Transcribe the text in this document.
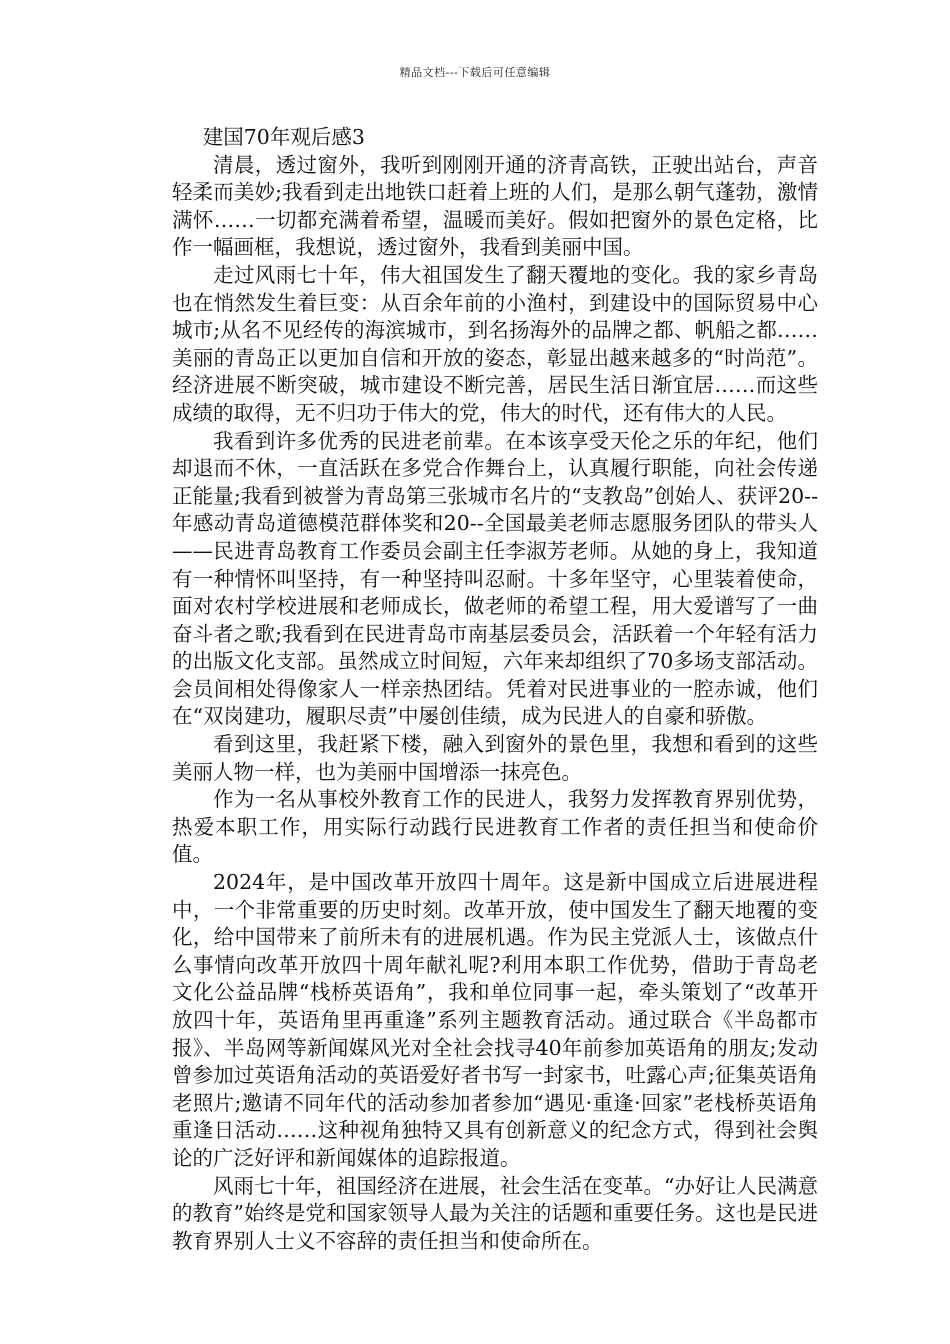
精品文档---下载后可任意编辑

建国70年观后感3

清晨，透过窗外，我听到刚刚开通的济青高铁，正驶出站台，声音轻柔而美妙;我看到走出地铁口赶着上班的人们，是那么朝气蓬勃，激情满怀……一切都充满着希望，温暖而美好。假如把窗外的景色定格，比作一幅画框，我想说，透过窗外，我看到美丽中国。

走过风雨七十年，伟大祖国发生了翻天覆地的变化。我的家乡青岛也在悄然发生着巨变：从百余年前的小渔村，到建设中的国际贸易中心城市;从名不见经传的海滨城市，到名扬海外的品牌之都、帆船之都……美丽的青岛正以更加自信和开放的姿态，彰显出越来越多的“时尚范”。经济进展不断突破，城市建设不断完善，居民生活日渐宜居……而这些成绩的取得，无不归功于伟大的党，伟大的时代，还有伟大的人民。

我看到许多优秀的民进老前辈。在本该享受天伦之乐的年纪，他们却退而不休，一直活跃在多党合作舞台上，认真履行职能，向社会传递正能量;我看到被誉为青岛第三张城市名片的“支教岛”创始人、获评20--年感动青岛道德模范群体奖和20--全国最美老师志愿服务团队的带头人——民进青岛教育工作委员会副主任李淑芳老师。从她的身上，我知道有一种情怀叫坚持，有一种坚持叫忍耐。十多年坚守，心里装着使命，面对农村学校进展和老师成长，做老师的希望工程，用大爱谱写了一曲奋斗者之歌;我看到在民进青岛市南基层委员会，活跃着一个年轻有活力的出版文化支部。虽然成立时间短，六年来却组织了70多场支部活动。会员间相处得像家人一样亲热团结。凭着对民进事业的一腔赤诚，他们在“双岗建功，履职尽责”中屡创佳绩，成为民进人的自豪和骄傲。

看到这里，我赶紧下楼，融入到窗外的景色里，我想和看到的这些美丽人物一样，也为美丽中国增添一抹亮色。

作为一名从事校外教育工作的民进人，我努力发挥教育界别优势，热爱本职工作，用实际行动践行民进教育工作者的责任担当和使命价值。

2024年，是中国改革开放四十周年。这是新中国成立后进展进程中，一个非常重要的历史时刻。改革开放，使中国发生了翻天地覆的变化，给中国带来了前所未有的进展机遇。作为民主党派人士，该做点什么事情向改革开放四十周年献礼呢?利用本职工作优势，借助于青岛老文化公益品牌“栈桥英语角”，我和单位同事一起，牵头策划了“改革开放四十年，英语角里再重逢”系列主题教育活动。通过联合《半岛都市报》、半岛网等新闻媒风光对全社会找寻40年前参加英语角的朋友;发动曾参加过英语角活动的英语爱好者书写一封家书，吐露心声;征集英语角老照片;邀请不同年代的活动参加者参加“遇见·重逢·回家”老栈桥英语角重逢日活动……这种视角独特又具有创新意义的纪念方式，得到社会舆论的广泛好评和新闻媒体的追踪报道。

风雨七十年，祖国经济在进展，社会生活在变革。“办好让人民满意的教育”始终是党和国家领导人最为关注的话题和重要任务。这也是民进教育界别人士义不容辞的责任担当和使命所在。
